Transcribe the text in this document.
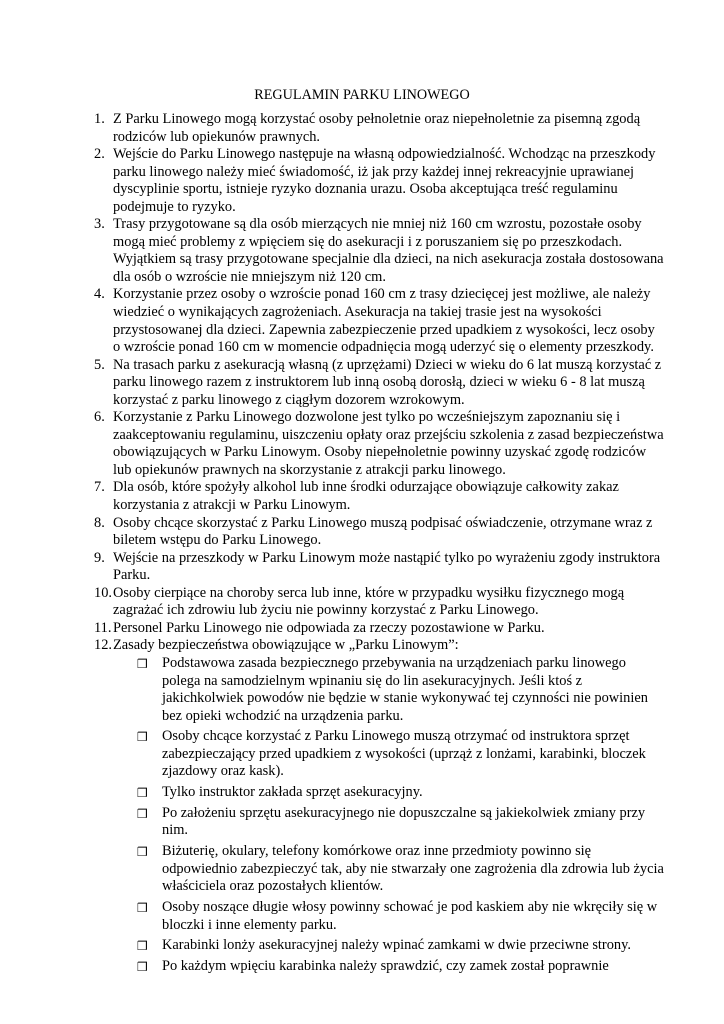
REGULAMIN PARKU LINOWEGO
1. Z Parku Linowego mogą korzystać osoby pełnoletnie oraz niepełnoletnie za pisemną zgodą rodziców lub opiekunów prawnych.
2. Wejście do Parku Linowego następuje na własną odpowiedzialność. Wchodząc na przeszkody parku linowego należy mieć świadomość, iż jak przy każdej innej rekreacyjnie uprawianej dyscyplinie sportu, istnieje ryzyko doznania urazu. Osoba akceptująca treść regulaminu podejmuje to ryzyko.
3. Trasy przygotowane są dla osób mierzących nie mniej niż 160 cm wzrostu, pozostałe osoby mogą mieć problemy z wpięciem się do asekuracji i z poruszaniem się po przeszkodach. Wyjątkiem są trasy przygotowane specjalnie dla dzieci, na nich asekuracja została dostosowana dla osób o wzroście nie mniejszym niż 120 cm.
4. Korzystanie przez osoby o wzroście ponad 160 cm z trasy dziecięcej jest możliwe, ale należy wiedzieć o wynikających zagrożeniach. Asekuracja na takiej trasie jest na wysokości przystosowanej dla dzieci. Zapewnia zabezpieczenie przed upadkiem z wysokości, lecz osoby o wzroście ponad 160 cm w momencie odpadnięcia mogą uderzyć się o elementy przeszkody.
5. Na trasach parku z asekuracją własną (z uprzężami) Dzieci w wieku do 6 lat muszą korzystać z parku linowego razem z instruktorem lub inną osobą dorosłą, dzieci w wieku 6 - 8 lat muszą korzystać z parku linowego z ciągłym dozorem wzrokowym.
6. Korzystanie z Parku Linowego dozwolone jest tylko po wcześniejszym zapoznaniu się i zaakceptowaniu regulaminu, uiszczeniu opłaty oraz przejściu szkolenia z zasad bezpieczeństwa obowiązujących w Parku Linowym. Osoby niepełnoletnie powinny uzyskać zgodę rodziców lub opiekunów prawnych na skorzystanie z atrakcji parku linowego.
7. Dla osób, które spożyły alkohol lub inne środki odurzające obowiązuje całkowity zakaz korzystania z atrakcji w Parku Linowym.
8. Osoby chcące skorzystać z Parku Linowego muszą podpisać oświadczenie, otrzymane wraz z biletem wstępu do Parku Linowego.
9. Wejście na przeszkody w Parku Linowym może nastąpić tylko po wyrażeniu zgody instruktora Parku.
10. Osoby cierpiące na choroby serca lub inne, które w przypadku wysiłku fizycznego mogą zagrażać ich zdrowiu lub życiu nie powinny korzystać z Parku Linowego.
11. Personel Parku Linowego nie odpowiada za rzeczy pozostawione w Parku.
12. Zasady bezpieczeństwa obowiązujące w „Parku Linowym”:
❒ Podstawowa zasada bezpiecznego przebywania na urządzeniach parku linowego polega na samodzielnym wpinaniu się do lin asekuracyjnych. Jeśli ktoś z jakichkolwiek powodów nie będzie w stanie wykonywać tej czynności nie powinien bez opieki wchodzić na urządzenia parku.
❒ Osoby chcące korzystać z Parku Linowego muszą otrzymać od instruktora sprzęt zabezpieczający przed upadkiem z wysokości (uprząż z lonżami, karabinki, bloczek zjazdowy oraz kask).
❒ Tylko instruktor zakłada sprzęt asekuracyjny.
❒ Po założeniu sprzętu asekuracyjnego nie dopuszczalne są jakiekolwiek zmiany przy nim.
❒ Biżuterię, okulary, telefony komórkowe oraz inne przedmioty powinno się odpowiednio zabezpieczyć tak, aby nie stwarzały one zagrożenia dla zdrowia lub życia właściciela oraz pozostałych klientów.
❒ Osoby noszące długie włosy powinny schować je pod kaskiem aby nie wkręciły się w bloczki i inne elementy parku.
❒ Karabinki lonży asekuracyjnej należy wpinać zamkami w dwie przeciwne strony.
❒ Po każdym wpięciu karabinka należy sprawdzić, czy zamek został poprawnie
